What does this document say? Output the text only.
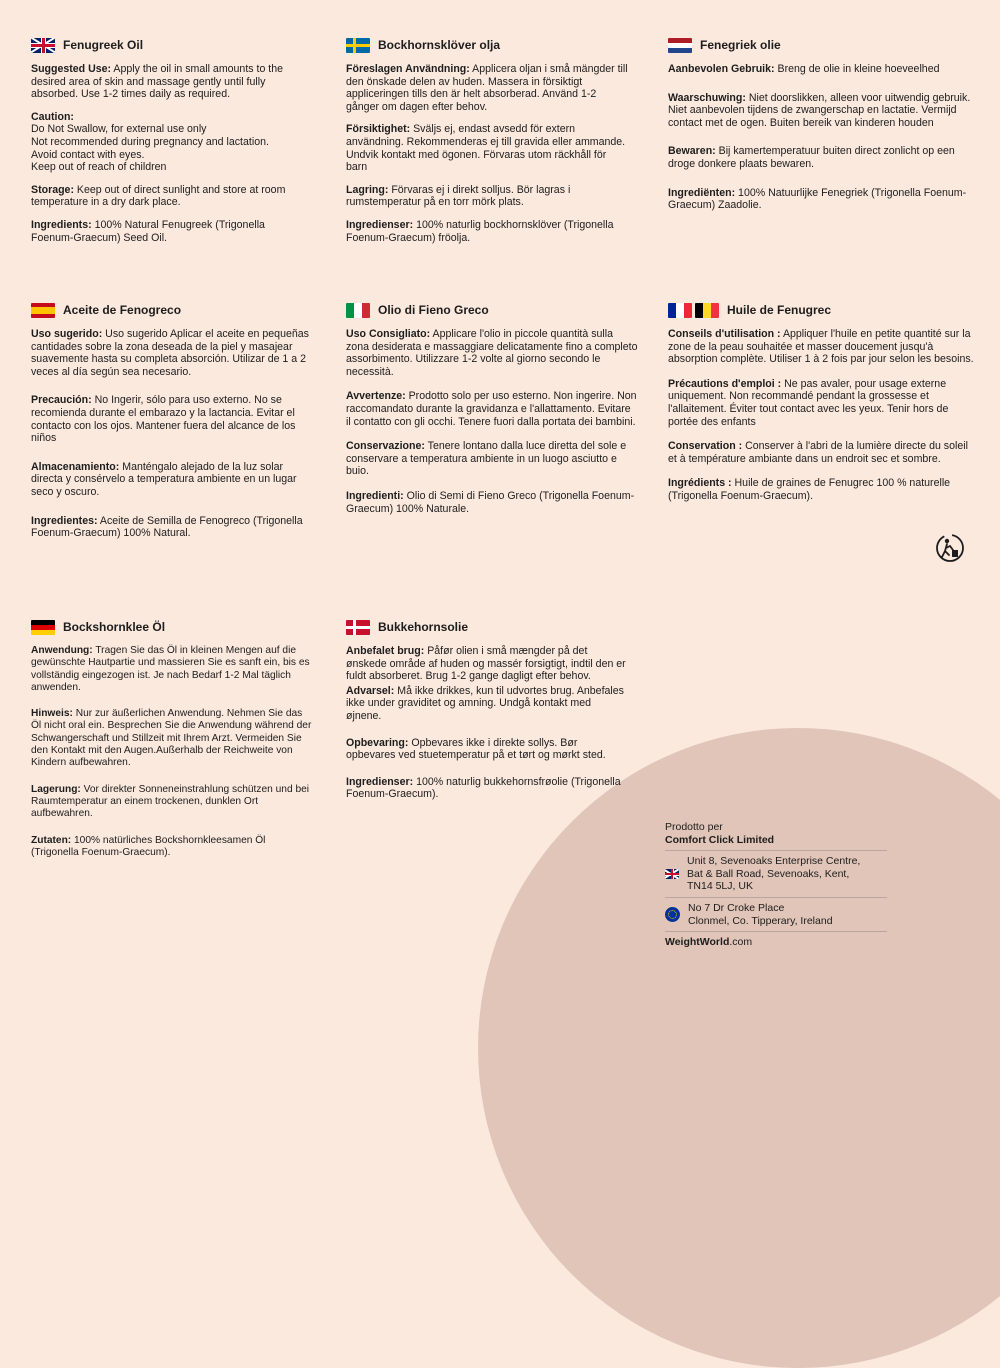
Fenugreek Oil
Suggested Use: Apply the oil in small amounts to the desired area of skin and massage gently until fully absorbed. Use 1-2 times daily as required.
Caution:
Do Not Swallow, for external use only
Not recommended during pregnancy and lactation.
Avoid contact with eyes.
Keep out of reach of children
Storage: Keep out of direct sunlight and store at room temperature in a dry dark place.
Ingredients: 100% Natural Fenugreek (Trigonella Foenum-Graecum) Seed Oil.
Bockhornsklöver olja
Föreslagen Användning: Applicera oljan i små mängder till den önskade delen av huden. Massera in försiktigt appliceringen tills den är helt absorberad. Använd 1-2 gånger om dagen efter behov.
Försiktighet: Sväljs ej, endast avsedd för extern användning. Rekommenderas ej till gravida eller ammande. Undvik kontakt med ögonen. Förvaras utom räckhåll för barn
Lagring: Förvaras ej i direkt solljus. Bör lagras i rumstemperatur på en torr mörk plats.
Ingredienser: 100% naturlig bockhornsklöver (Trigonella Foenum-Graecum) fröolja.
Fenegriek olie
Aanbevolen Gebruik: Breng de olie in kleine hoeveelhed
Waarschuwing: Niet doorslikken, alleen voor uitwendig gebruik. Niet aanbevolen tijdens de zwangerschap en lactatie. Vermijd contact met de ogen. Buiten bereik van kinderen houden
Bewaren: Bij kamertemperatuur buiten direct zonlicht op een droge donkere plaats bewaren.
Ingrediënten: 100% Natuurlijke Fenegriek (Trigonella Foenum-Graecum) Zaadolie.
Aceite de Fenogreco
Uso sugerido: Uso sugerido Aplicar el aceite en pequeñas cantidades sobre la zona deseada de la piel y masajear suavemente hasta su completa absorción. Utilizar de 1 a 2 veces al día según sea necesario.
Precaución: No Ingerir, sólo para uso externo. No se recomienda durante el embarazo y la lactancia. Evitar el contacto con los ojos. Mantener fuera del alcance de los niños
Almacenamiento: Manténgalo alejado de la luz solar directa y consérvelo a temperatura ambiente en un lugar seco y oscuro.
Ingredientes: Aceite de Semilla de Fenogreco (Trigonella Foenum-Graecum) 100% Natural.
Olio di Fieno Greco
Uso Consigliato: Applicare l'olio in piccole quantità sulla zona desiderata e massaggiare delicatamente fino a completo assorbimento. Utilizzare 1-2 volte al giorno secondo le necessità.
Avvertenze: Prodotto solo per uso esterno. Non ingerire. Non raccomandato durante la gravidanza e l'allattamento. Evitare il contatto con gli occhi. Tenere fuori dalla portata dei bambini.
Conservazione: Tenere lontano dalla luce diretta del sole e conservare a temperatura ambiente in un luogo asciutto e buio.
Ingredienti: Olio di Semi di Fieno Greco (Trigonella Foenum-Graecum) 100% Naturale.
Huile de Fenugrec
Conseils d'utilisation : Appliquer l'huile en petite quantité sur la zone de la peau souhaitée et masser doucement jusqu'à absorption complète. Utiliser 1 à 2 fois par jour selon les besoins.
Précautions d'emploi : Ne pas avaler, pour usage externe uniquement. Non recommandé pendant la grossesse et l'allaitement. Éviter tout contact avec les yeux. Tenir hors de portée des enfants
Conservation : Conserver à l'abri de la lumière directe du soleil et à température ambiante dans un endroit sec et sombre.
Ingrédients : Huile de graines de Fenugrec 100 % naturelle (Trigonella Foenum-Graecum).
Bockshornklee Öl
Anwendung: Tragen Sie das Öl in kleinen Mengen auf die gewünschte Hautpartie und massieren Sie es sanft ein, bis es vollständig eingezogen ist. Je nach Bedarf 1-2 Mal täglich anwenden.
Hinweis: Nur zur äußerlichen Anwendung. Nehmen Sie das Öl nicht oral ein. Besprechen Sie die Anwendung während der Schwangerschaft und Stillzeit mit Ihrem Arzt. Vermeiden Sie den Kontakt mit den Augen.Außerhalb der Reichweite von Kindern aufbewahren.
Lagerung: Vor direkter Sonneneinstrahlung schützen und bei Raumtemperatur an einem trockenen, dunklen Ort aufbewahren.
Zutaten: 100% natürliches Bockshornkleesamen Öl (Trigonella Foenum-Graecum).
Bukkehornsolie
Anbefalet brug: Påfør olien i små mængder på det ønskede område af huden og massér forsigtigt, indtil den er fuldt absorberet. Brug 1-2 gange dagligt efter behov.
Advarsel: Må ikke drikkes, kun til udvortes brug. Anbefales ikke under graviditet og amning. Undgå kontakt med øjnene.
Opbevaring: Opbevares ikke i direkte sollys. Bør opbevares ved stuetemperatur på et tørt og mørkt sted.
Ingredienser: 100% naturlig bukkehornsfrøolie (Trigonella Foenum-Graecum).
Prodotto per
Comfort Click Limited
Unit 8, Sevenoaks Enterprise Centre,
Bat & Ball Road, Sevenoaks, Kent,
TN14 5LJ, UK
No 7 Dr Croke Place
Clonmel, Co. Tipperary, Ireland
WeightWorld.com
